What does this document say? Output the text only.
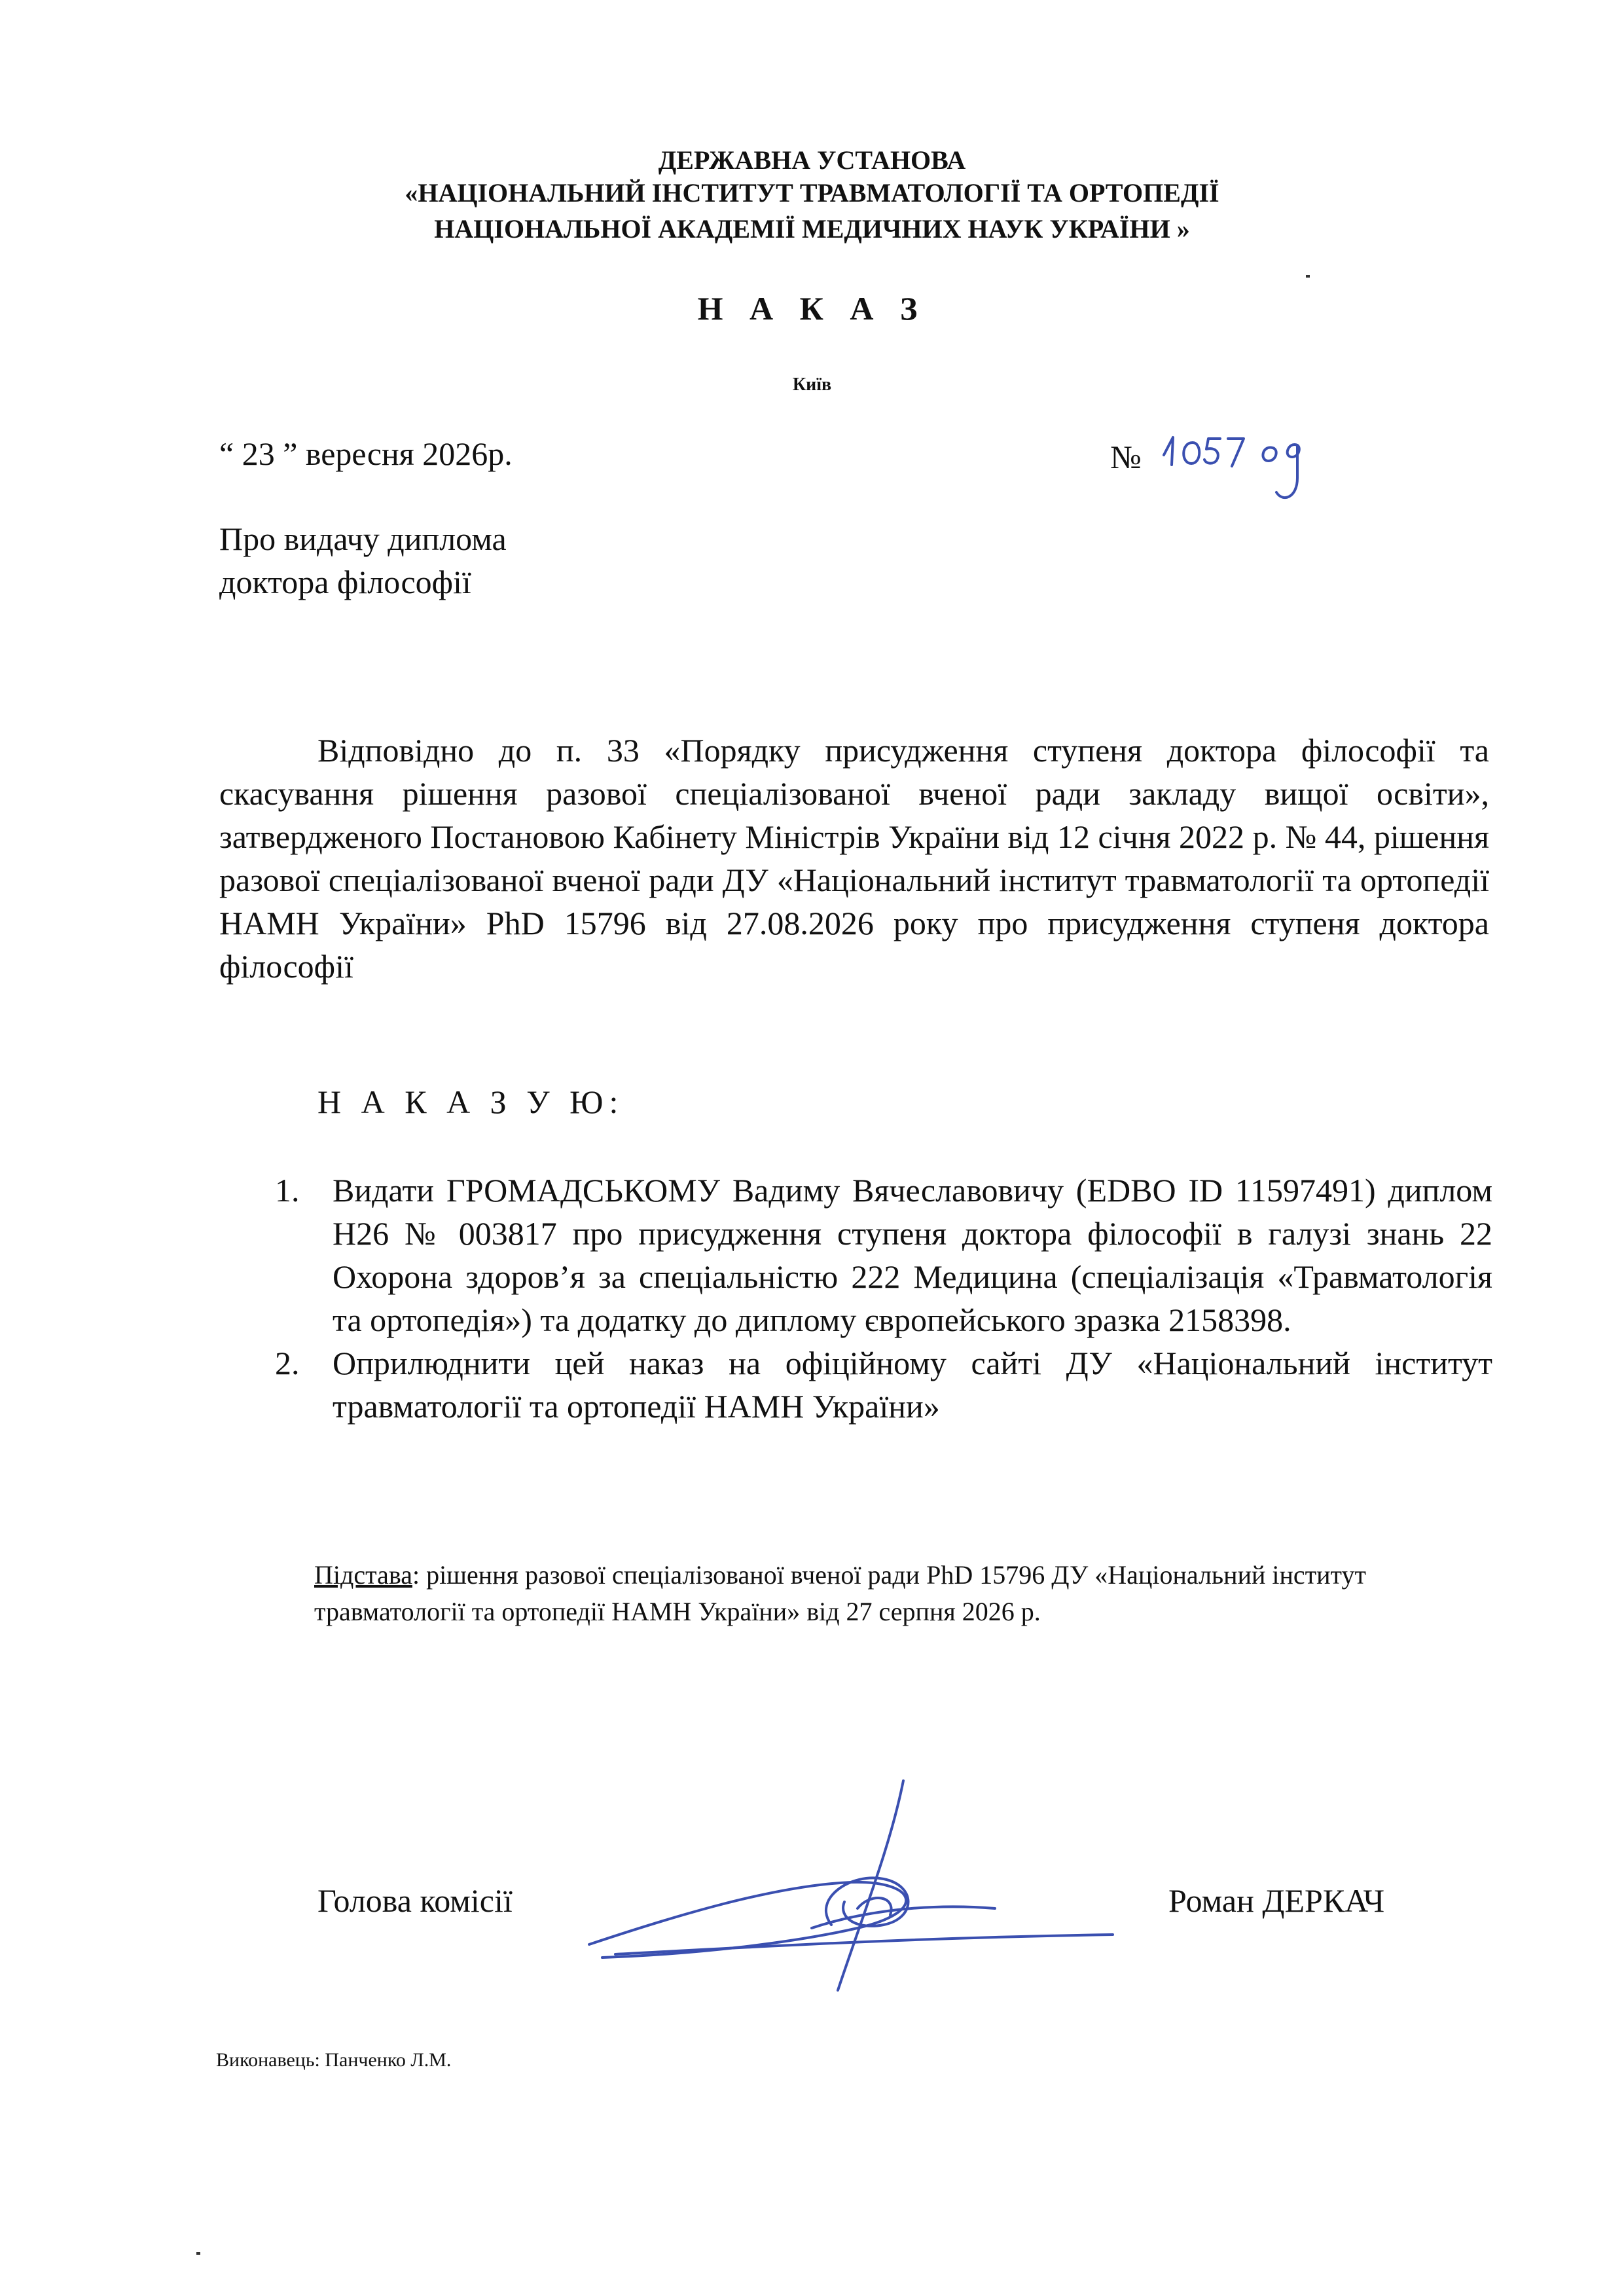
ДЕРЖАВНА УСТАНОВА
«НАЦІОНАЛЬНИЙ ІНСТИТУТ ТРАВМАТОЛОГІЇ ТА ОРТОПЕДІЇ
НАЦІОНАЛЬНОЇ АКАДЕМІЇ МЕДИЧНИХ НАУК УКРАЇНИ »
Н А К А З
Київ
“ 23 ” вересня 2026р.	№
Про видачу диплома
доктора філософії
Відповідно до п. 33 «Порядку присудження ступеня доктора філософії та скасування рішення разової спеціалізованої вченої ради закладу вищої освіти», затвердженого Постановою Кабінету Міністрів України від 12 січня 2022 р. № 44, рішення разової спеціалізованої вченої ради ДУ «Національний інститут травматології та ортопедії НАМН України» PhD 15796 від 27.08.2026 року про присудження ступеня доктора філософії
Н А К А З У Ю:
1. Видати ГРОМАДСЬКОМУ Вадиму Вячеславовичу (EDBO ID 11597491) диплом Н26 № 003817 про присудження ступеня доктора філософії в галузі знань 22 Охорона здоров’я за спеціальністю 222 Медицина (спеціалізація «Травматологія та ортопедія») та додатку до диплому європейського зразка 2158398.
2. Оприлюднити цей наказ на офіційному сайті ДУ «Національний інститут травматології та ортопедії НАМН України»
Підстава: рішення разової спеціалізованої вченої ради PhD 15796 ДУ «Національний інститут травматології та ортопедії НАМН України» від 27 серпня 2026 р.
Голова комісії	Роман ДЕРКАЧ
Виконавець: Панченко Л.М.
